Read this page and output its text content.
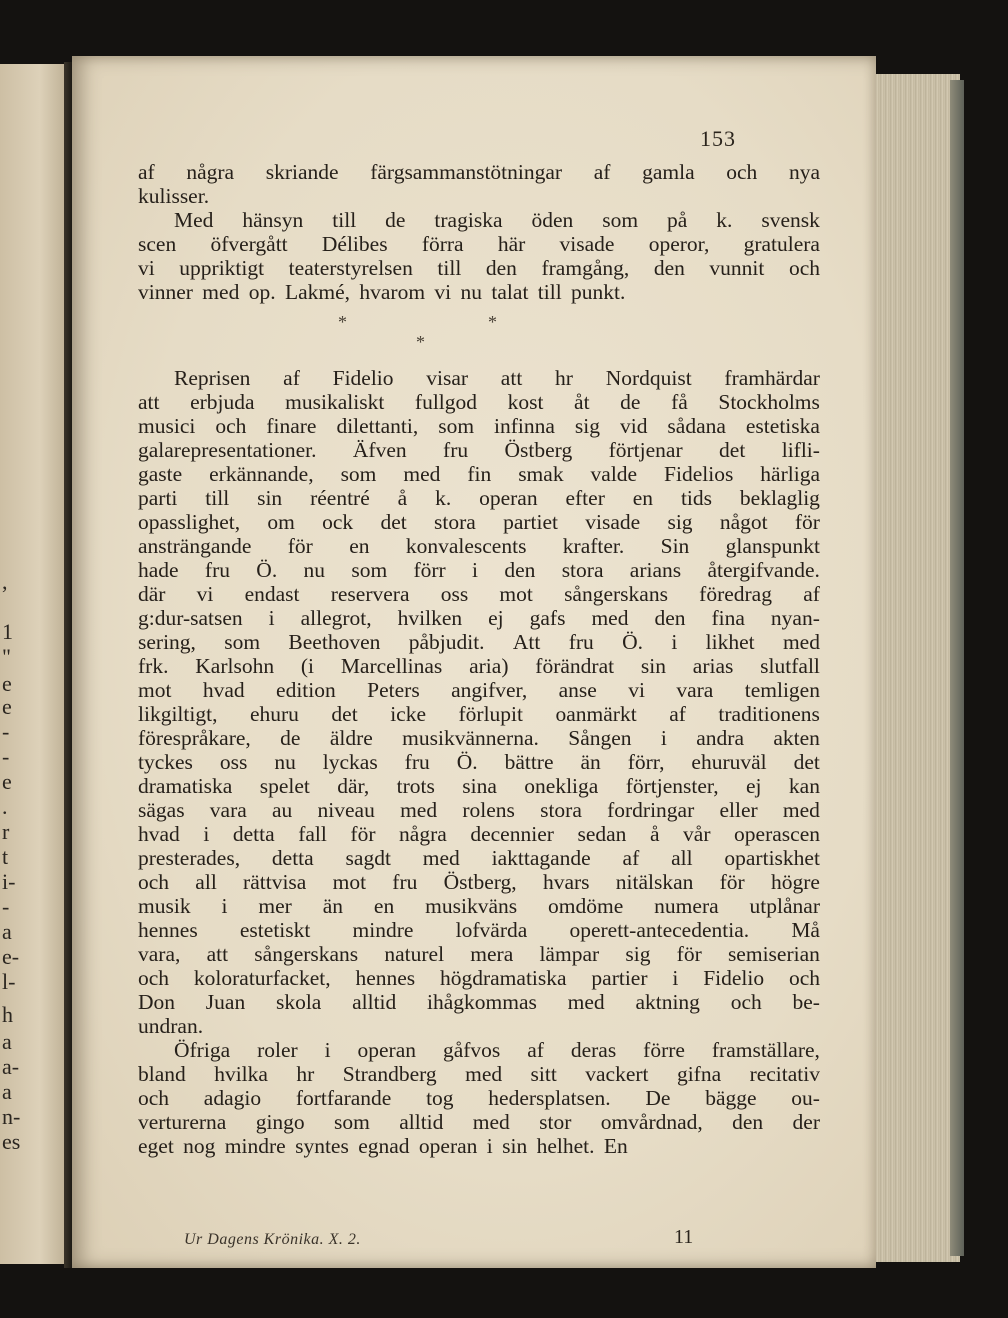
,
1
"
e
e
-
-
e
.
r
t
i-
-
a
e-
l-
h
a
a-
a
n-
es
153
af några skriande färgsammanstötningar af gamla och nya
kulisser.
Med hänsyn till de tragiska öden som på k. svensk
scen öfvergått Délibes förra här visade operor, gratulera
vi uppriktigt teaterstyrelsen till den framgång, den vunnit och
vinner med op. Lakmé, hvarom vi nu talat till punkt.
*	*
*
Reprisen af Fidelio visar att hr Nordquist framhärdar
att erbjuda musikaliskt fullgod kost åt de få Stockholms
musici och finare dilettanti, som infinna sig vid sådana estetiska
galarepresentationer. Äfven fru Östberg förtjenar det lifli-
gaste erkännande, som med fin smak valde Fidelios härliga
parti till sin réentré å k. operan efter en tids beklaglig
opasslighet, om ock det stora partiet visade sig något för
ansträngande för en konvalescents krafter. Sin glanspunkt
hade fru Ö. nu som förr i den stora arians återgifvande.
där vi endast reservera oss mot sångerskans föredrag af
g:dur-satsen i allegrot, hvilken ej gafs med den fina nyan-
sering, som Beethoven påbjudit. Att fru Ö. i likhet med
frk. Karlsohn (i Marcellinas aria) förändrat sin arias slutfall
mot hvad edition Peters angifver, anse vi vara temligen
likgiltigt, ehuru det icke förlupit oanmärkt af traditionens
förespråkare, de äldre musikvännerna. Sången i andra akten
tyckes oss nu lyckas fru Ö. bättre än förr, ehuruväl det
dramatiska spelet där, trots sina onekliga förtjenster, ej kan
sägas vara au niveau med rolens stora fordringar eller med
hvad i detta fall för några decennier sedan å vår operascen
presterades, detta sagdt med iakttagande af all opartiskhet
och all rättvisa mot fru Östberg, hvars nitälskan för högre
musik i mer än en musikväns omdöme numera utplånar
hennes estetiskt mindre lofvärda operett-antecedentia. Må
vara, att sångerskans naturel mera lämpar sig för semiserian
och koloraturfacket, hennes högdramatiska partier i Fidelio och
Don Juan skola alltid ihågkommas med aktning och be-
undran.
Öfriga roler i operan gåfvos af deras förre framställare,
bland hvilka hr Strandberg med sitt vackert gifna recitativ
och adagio fortfarande tog hedersplatsen. De bägge ou-
verturerna gingo som alltid med stor omvårdnad, den der
eget nog mindre syntes egnad operan i sin helhet. En
Ur Dagens Krönika. X. 2.	11
